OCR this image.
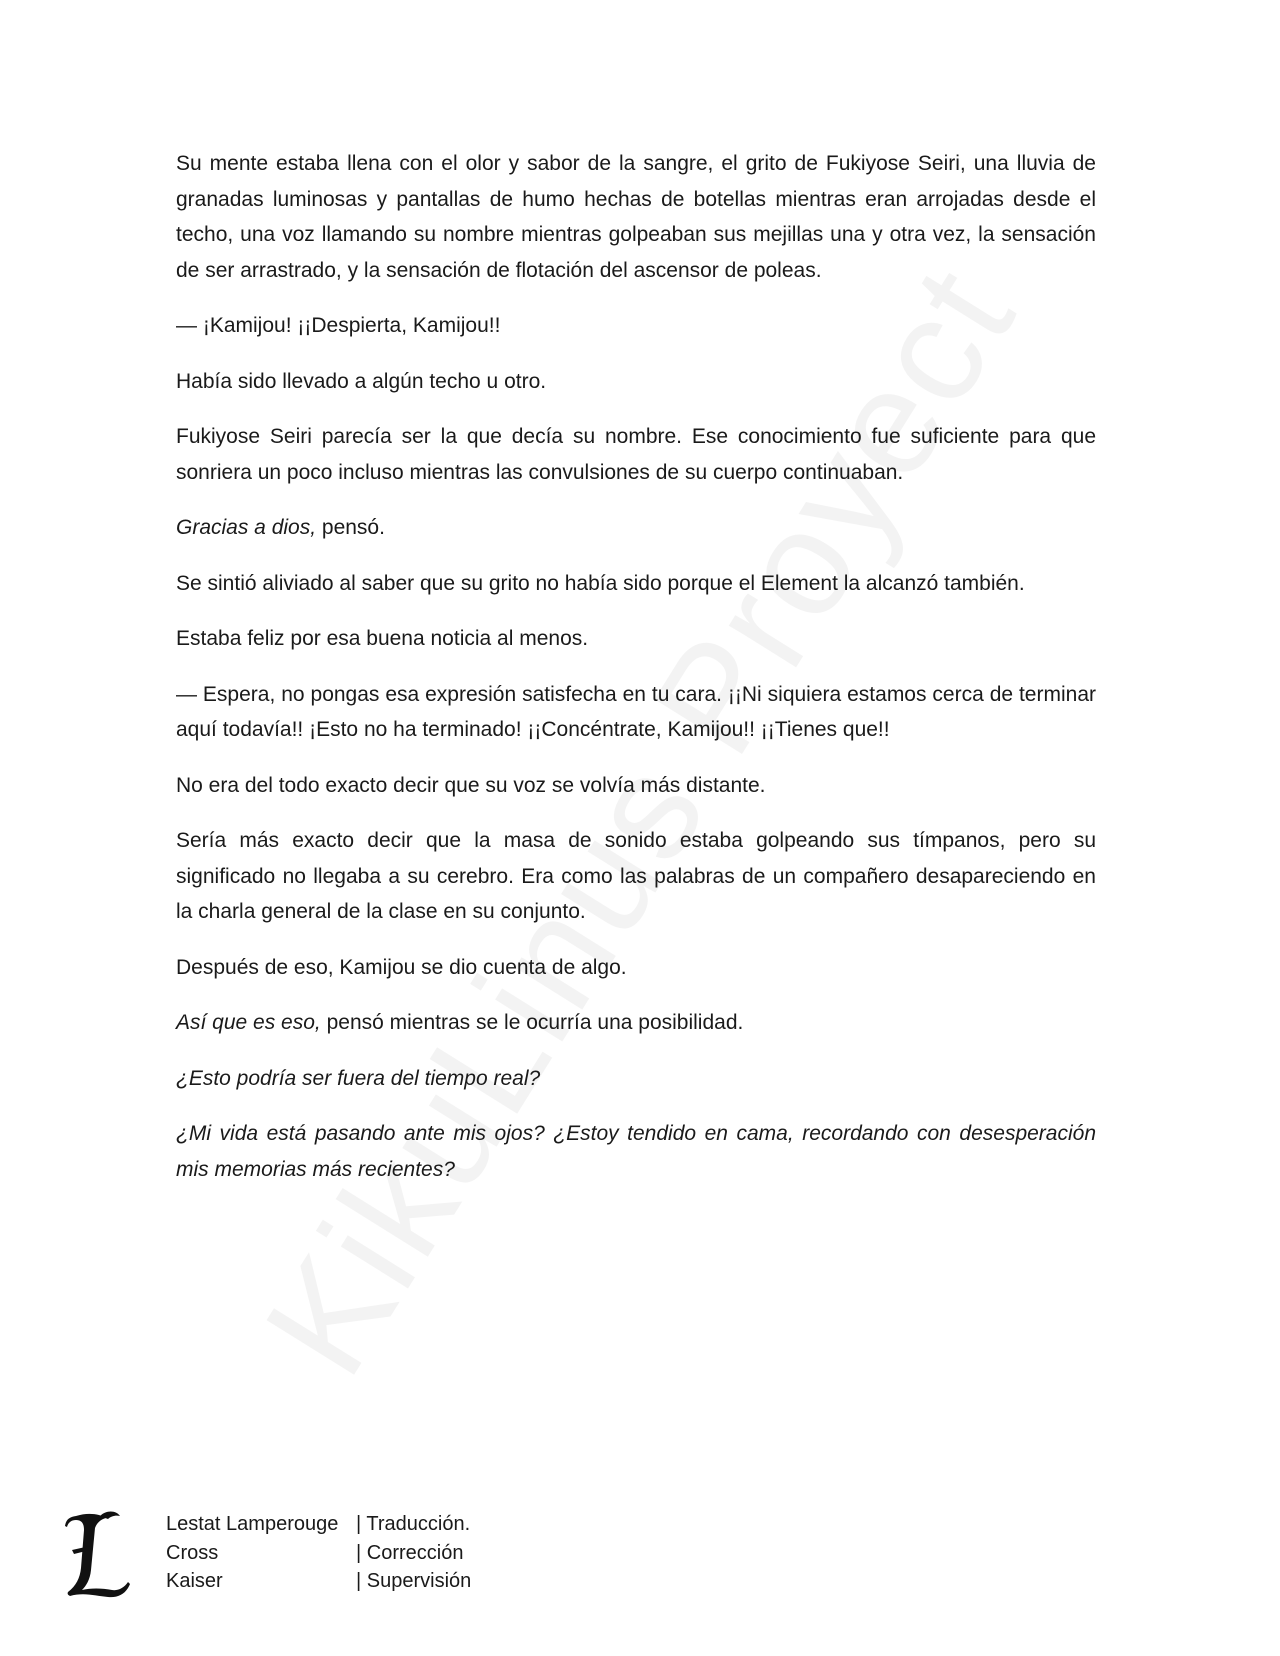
Su mente estaba llena con el olor y sabor de la sangre, el grito de Fukiyose Seiri, una lluvia de granadas luminosas y pantallas de humo hechas de botellas mientras eran arrojadas desde el techo, una voz llamando su nombre mientras golpeaban sus mejillas una y otra vez, la sensación de ser arrastrado, y la sensación de flotación del ascensor de poleas.

— ¡Kamijou! ¡¡Despierta, Kamijou!!

Había sido llevado a algún techo u otro.

Fukiyose Seiri parecía ser la que decía su nombre. Ese conocimiento fue suficiente para que sonriera un poco incluso mientras las convulsiones de su cuerpo continuaban.

Gracias a dios, pensó.

Se sintió aliviado al saber que su grito no había sido porque el Element la alcanzó también.

Estaba feliz por esa buena noticia al menos.

— Espera, no pongas esa expresión satisfecha en tu cara. ¡¡Ni siquiera estamos cerca de terminar aquí todavía!! ¡Esto no ha terminado! ¡¡Concéntrate, Kamijou!! ¡¡Tienes que!!

No era del todo exacto decir que su voz se volvía más distante.

Sería más exacto decir que la masa de sonido estaba golpeando sus tímpanos, pero su significado no llegaba a su cerebro. Era como las palabras de un compañero desapareciendo en la charla general de la clase en su conjunto.

Después de eso, Kamijou se dio cuenta de algo.

Así que es eso, pensó mientras se le ocurría una posibilidad.

¿Esto podría ser fuera del tiempo real?

¿Mi vida está pasando ante mis ojos? ¿Estoy tendido en cama, recordando con desesperación mis memorias más recientes?

Lestat Lamperouge | Traducción.
Cross	| Corrección
Kaiser	| Supervisión
